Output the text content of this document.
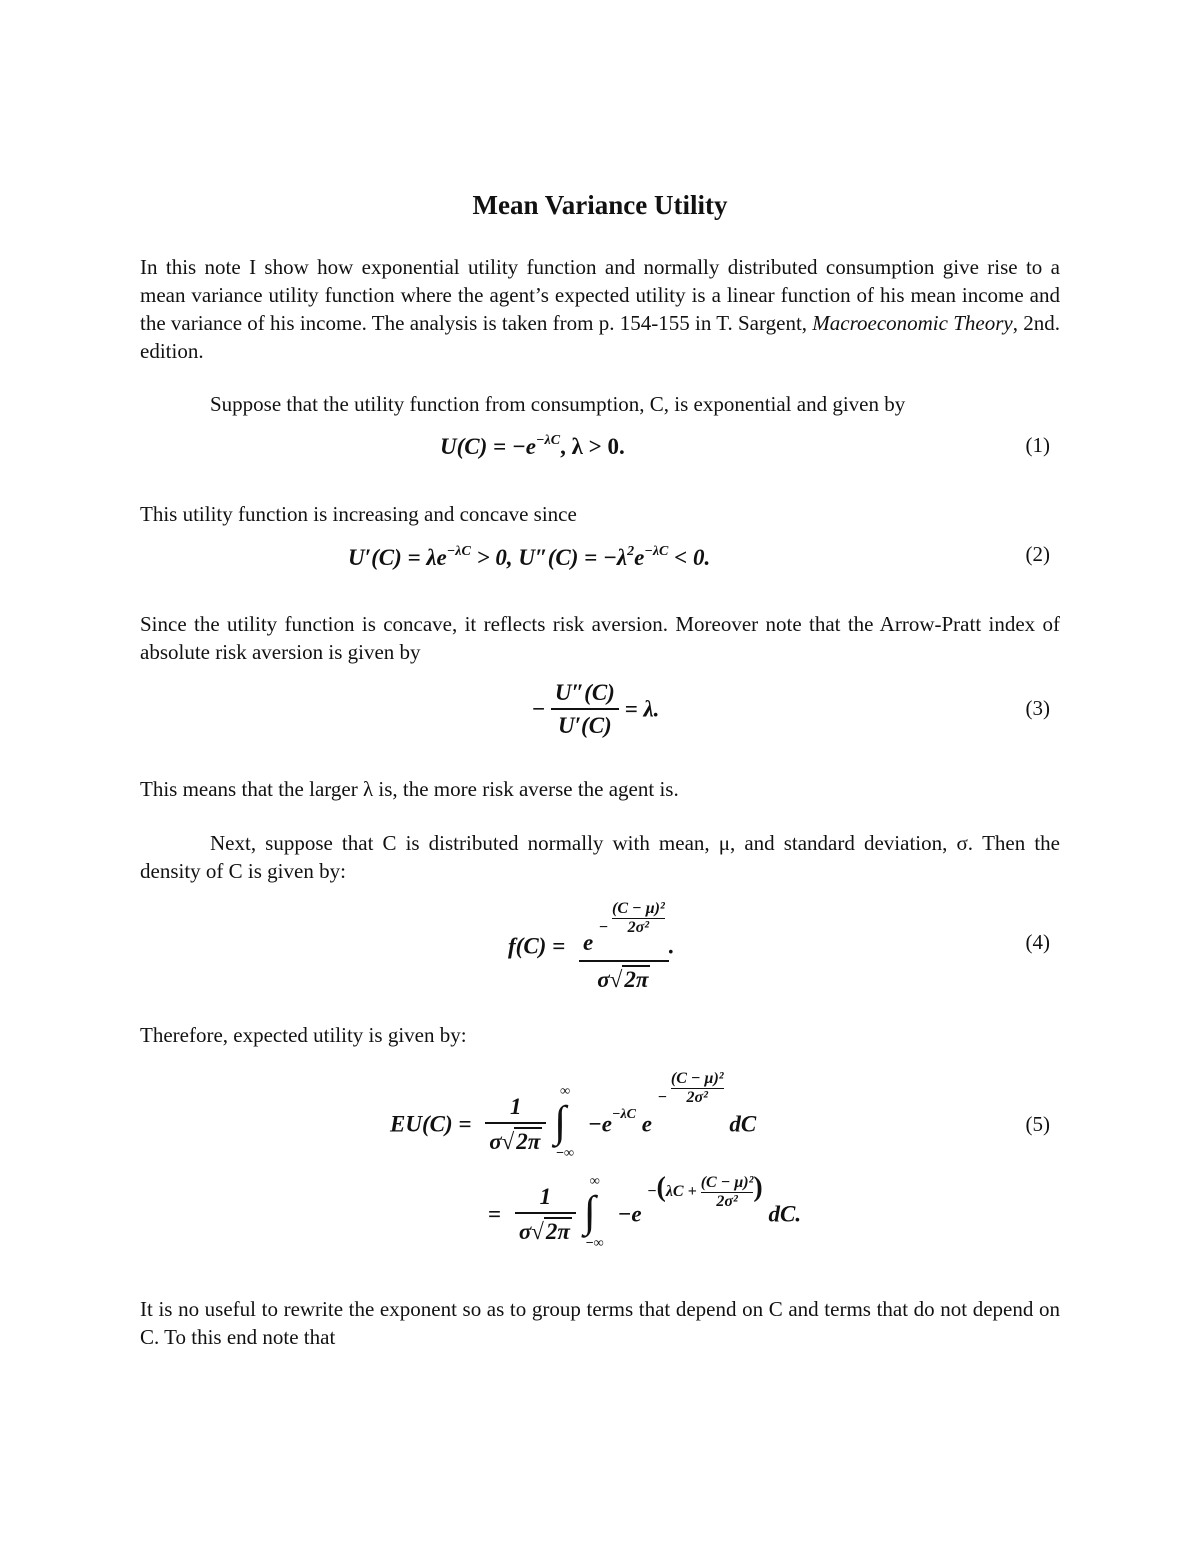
Mean Variance Utility
In this note I show how exponential utility function and normally distributed consumption give rise to a mean variance utility function where the agent’s expected utility is a linear function of his mean income and the variance of his income. The analysis is taken from p. 154-155 in T. Sargent, Macroeconomic Theory, 2nd. edition.
Suppose that the utility function from consumption, C, is exponential and given by
$U(C) = -e^{-\lambda C}$, λ > 0.	(1)
This utility function is increasing and concave since
$U'(C) = \lambda e^{-\lambda C} > 0$, $U''(C) = -\lambda^2e^{-\lambda C} < 0$.	(2)
Since the utility function is concave, it reflects risk aversion. Moreover note that the Arrow-Pratt index of absolute risk aversion is given by
− $\frac{U''(C)}{U'(C)} = \lambda$.	(3)
This means that the larger λ is, the more risk averse the agent is.
Next, suppose that C is distributed normally with mean, μ, and standard deviation, σ. Then the density of C is given by:
$f(C) = \frac{e - \frac{\text{(C − μ)²}}{\text{2σ²}}}{\sigma√2\pi}$ .	(4)
Therefore, expected utility is given by:
$EU(C) = \frac{1}{\sigma√2\pi}$

∞
∫
−∞
$-e^{-\lambda C}$ $e - \frac{\text{(C − μ)²}}{\text{2σ²}}$
dC
= $\frac{1}{\sigma√2\pi}$

∞
∫
−∞
$-e -(\lambda C + \frac{\text{(C − μ)²}}{\text{2σ²}}$ ) dC.
(5)
It is no useful to rewrite the exponent so as to group terms that depend on C and terms that do not depend on C. To this end note that
